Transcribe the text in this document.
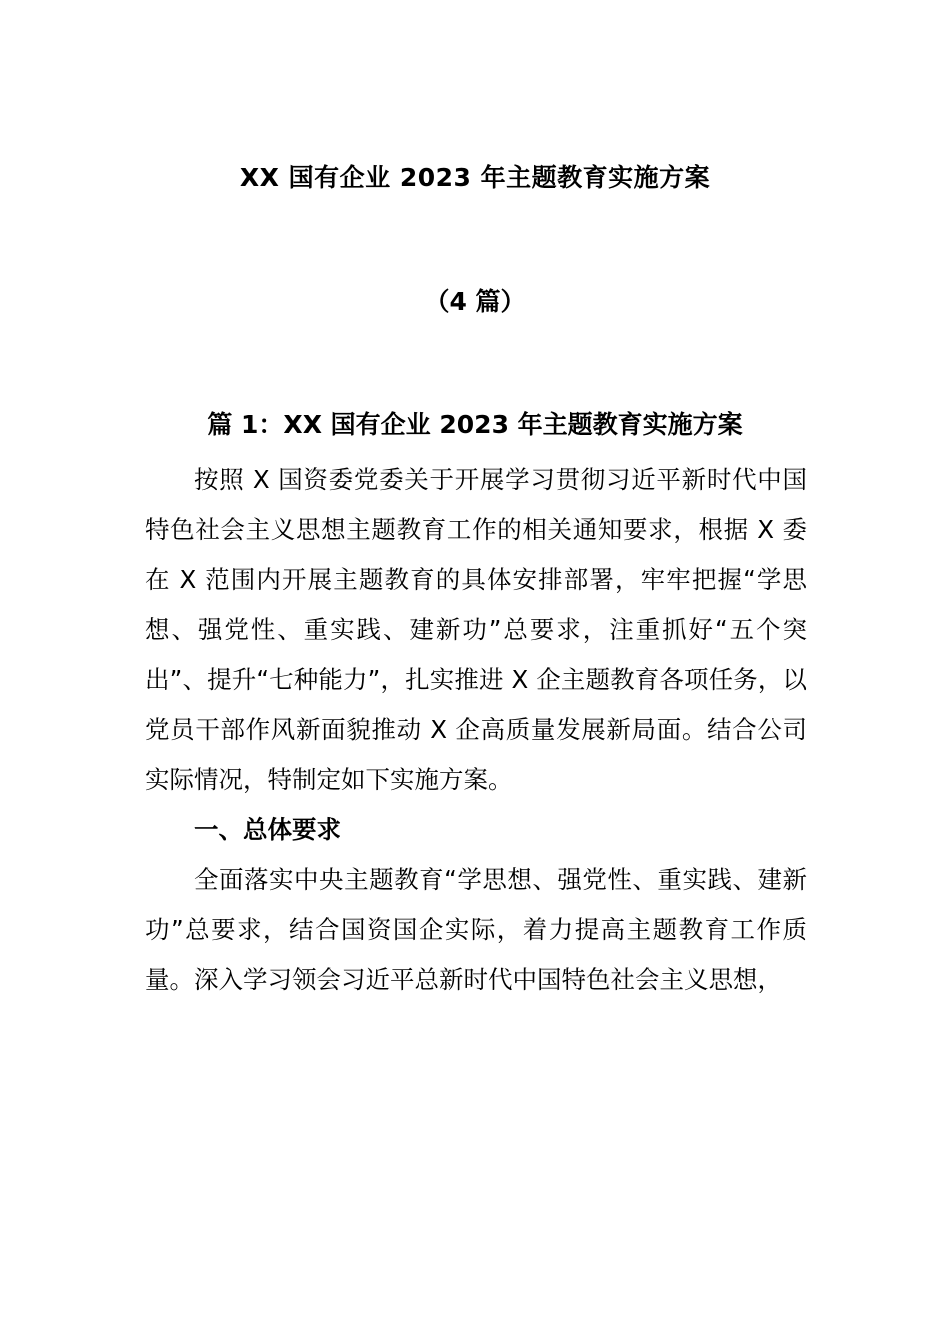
XX 国有企业 2023 年主题教育实施方案
（4 篇）
篇 1：XX 国有企业 2023 年主题教育实施方案

按照 X 国资委党委关于开展学习贯彻习近平新时代中国特色社会主义思想主题教育工作的相关通知要求，根据 X 委在 X 范围内开展主题教育的具体安排部署，牢牢把握“学思想、强党性、重实践、建新功”总要求，注重抓好“五个突出”、提升“七种能力”，扎实推进 X 企主题教育各项任务，以党员干部作风新面貌推动 X 企高质量发展新局面。结合公司实际情况，特制定如下实施方案。

一、总体要求

全面落实中央主题教育“学思想、强党性、重实践、建新功”总要求，结合国资国企实际，着力提高主题教育工作质量。深入学习领会习近平总新时代中国特色社会主义思想，
